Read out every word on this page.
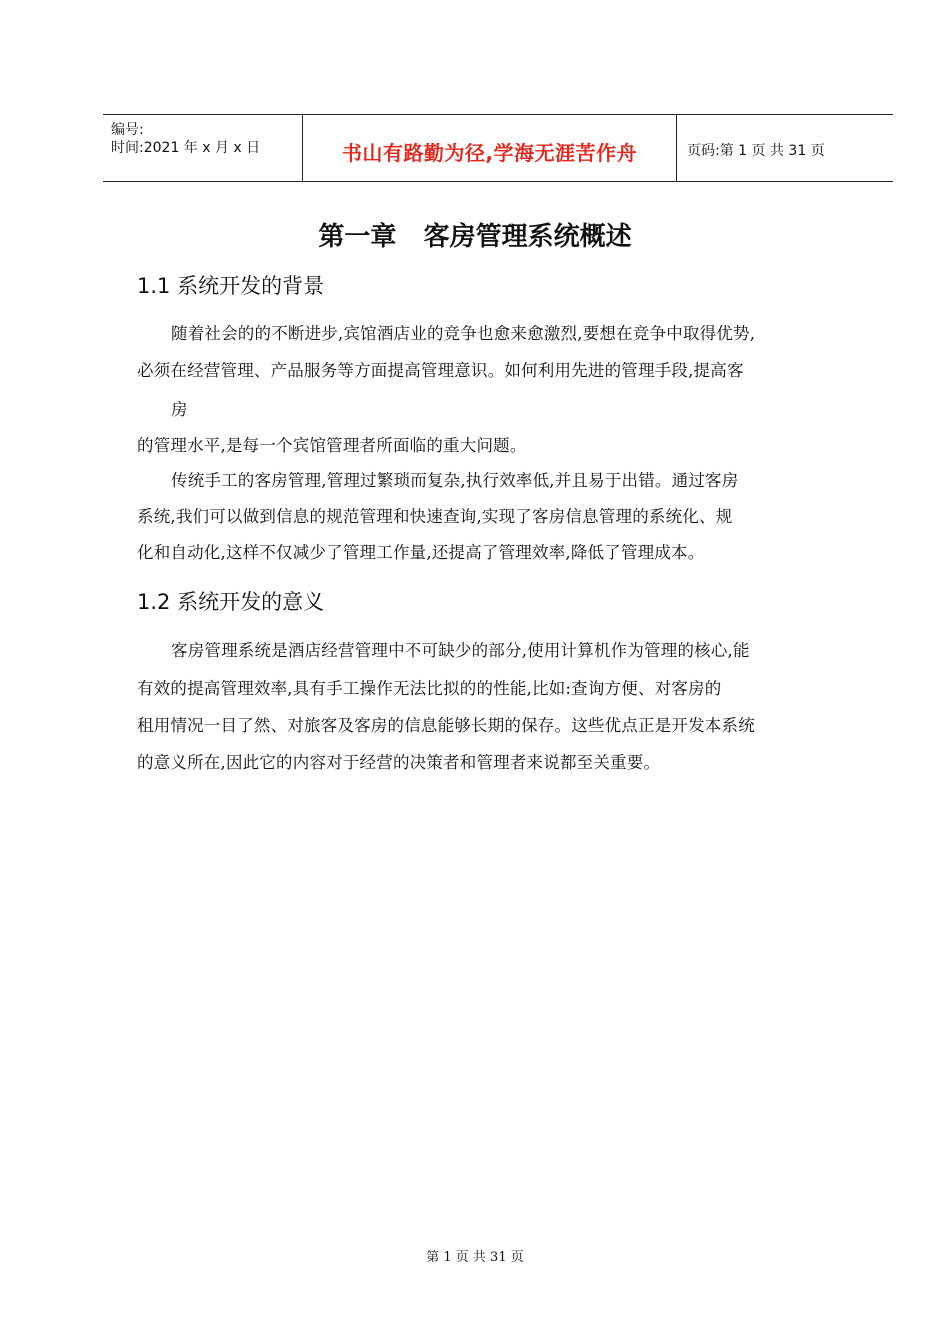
编号:
时间:2021 年 x 月 x 日	书山有路勤为径,学海无涯苦作舟	页码:第 1 页 共 31 页
第一章   客房管理系统概述
1.1 系统开发的背景
随着社会的的不断进步,宾馆酒店业的竞争也愈来愈激烈,要想在竞争中取得优势,
必须在经营管理、产品服务等方面提高管理意识。如何利用先进的管理手段,提高客
房
的管理水平,是每一个宾馆管理者所面临的重大问题。
传统手工的客房管理,管理过繁琐而复杂,执行效率低,并且易于出错。通过客房
系统,我们可以做到信息的规范管理和快速查询,实现了客房信息管理的系统化、规
化和自动化,这样不仅减少了管理工作量,还提高了管理效率,降低了管理成本。
1.2 系统开发的意义
客房管理系统是酒店经营管理中不可缺少的部分,使用计算机作为管理的核心,能
有效的提高管理效率,具有手工操作无法比拟的的性能,比如:查询方便、对客房的
租用情况一目了然、对旅客及客房的信息能够长期的保存。这些优点正是开发本系统
的意义所在,因此它的内容对于经营的决策者和管理者来说都至关重要。
第 1 页 共 31 页
